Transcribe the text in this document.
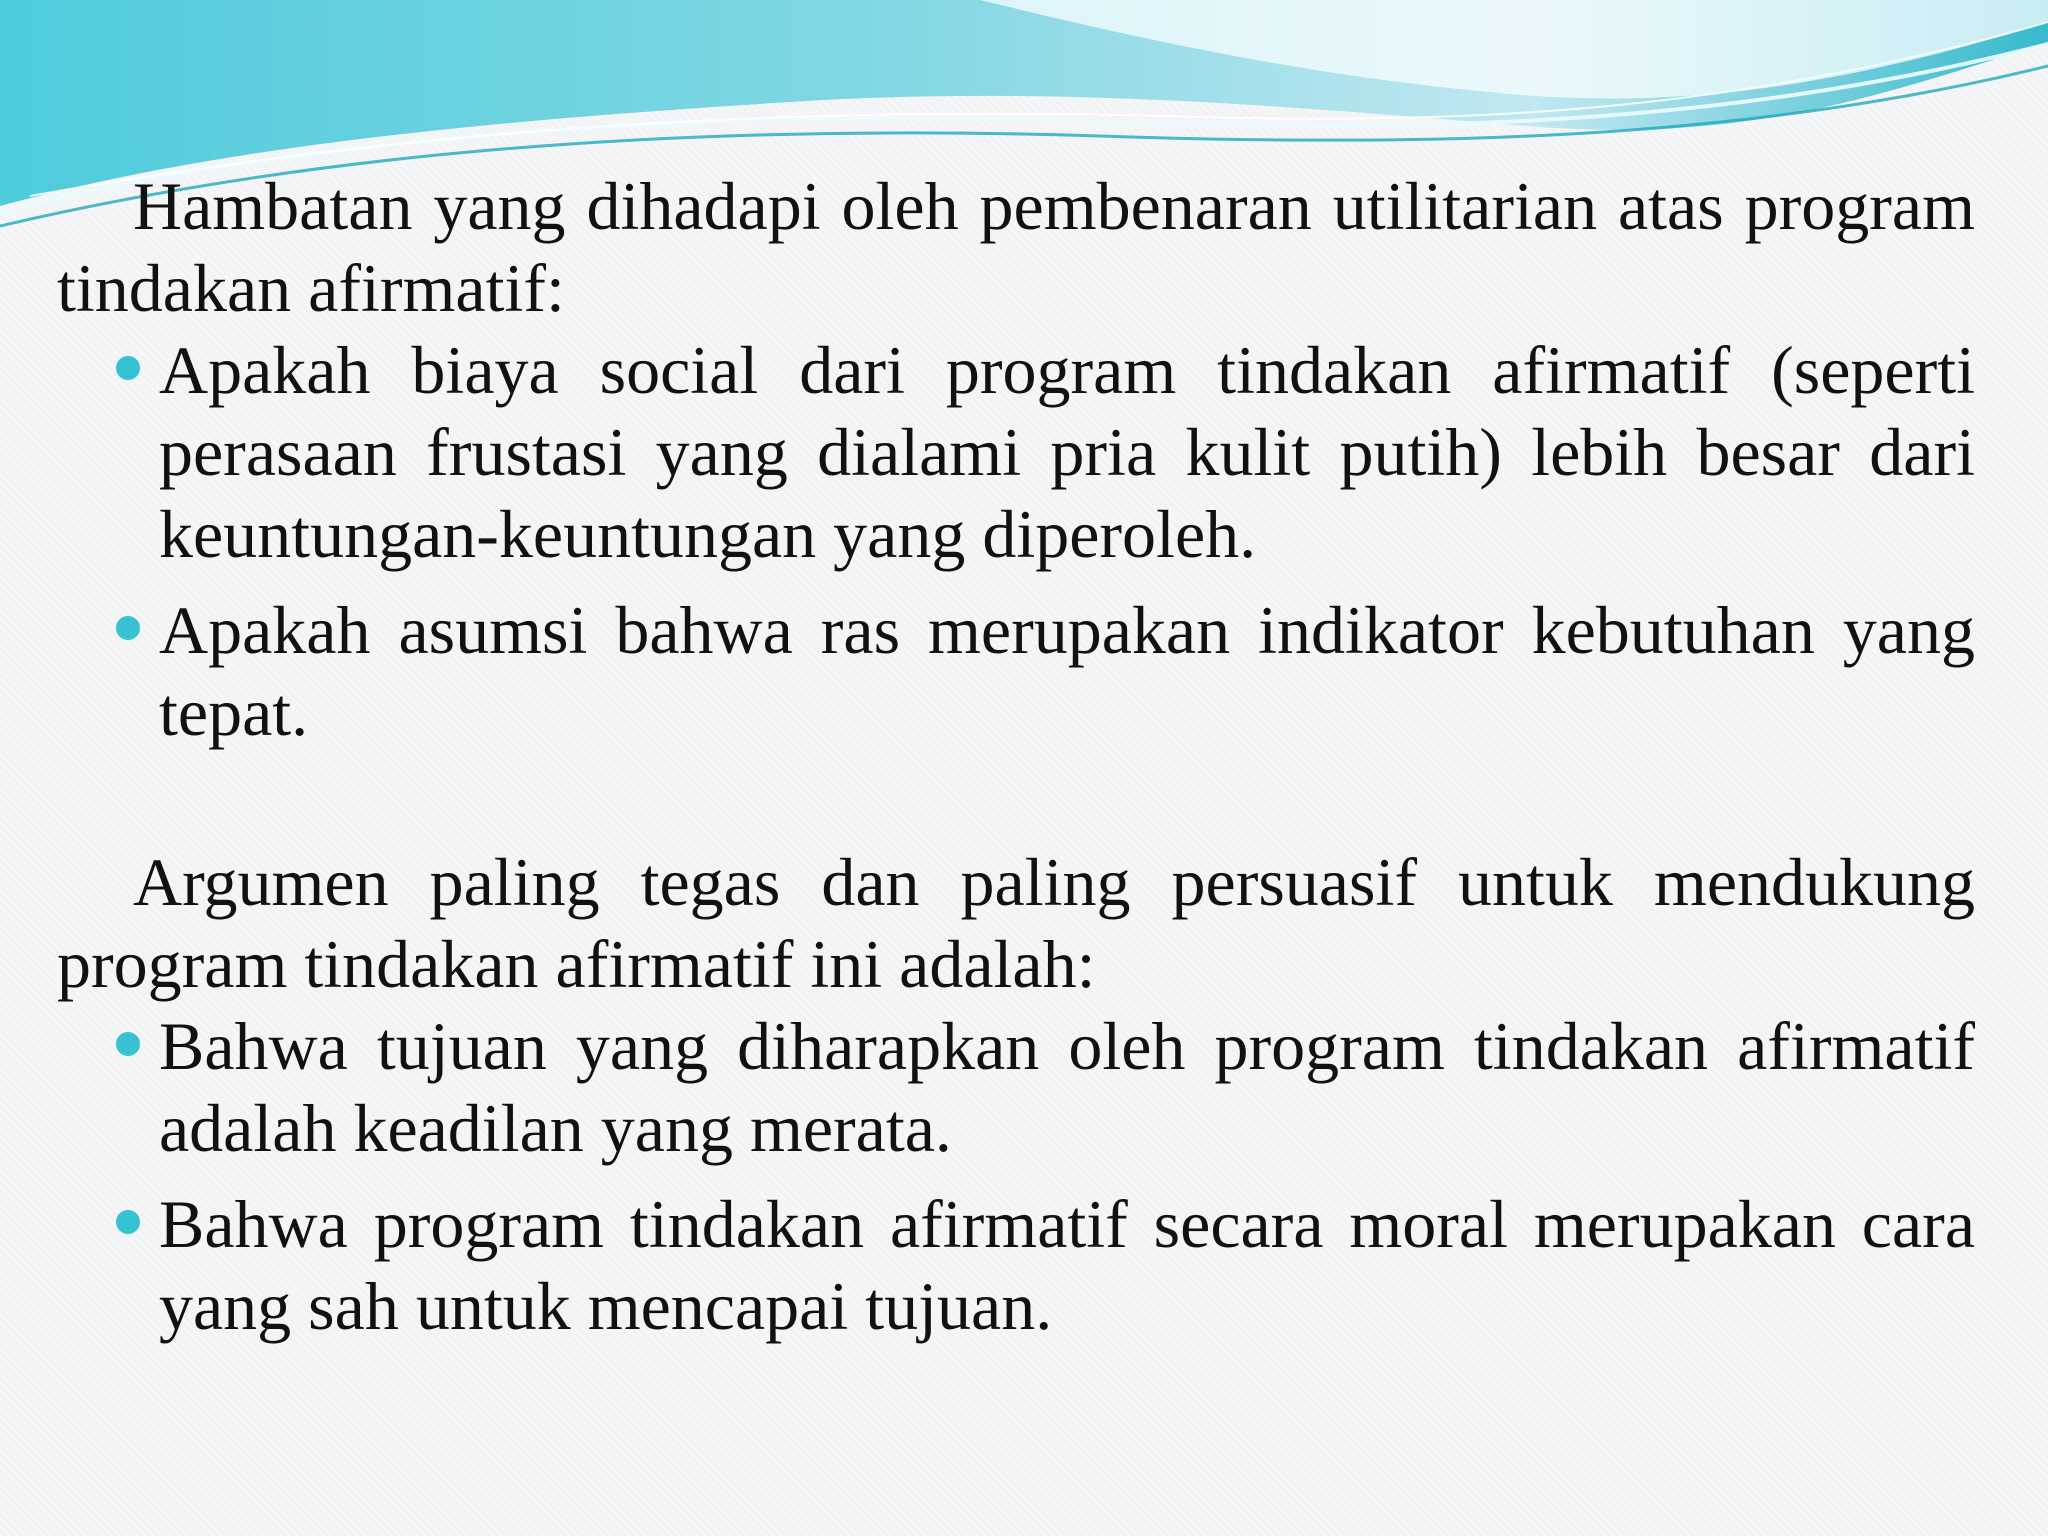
Hambatan yang dihadapi oleh pembenaran utilitarian atas program tindakan afirmatif:

Apakah biaya social dari program tindakan afirmatif (seperti perasaan frustasi yang dialami pria kulit putih) lebih besar dari keuntungan-keuntungan yang diperoleh.
Apakah asumsi bahwa ras merupakan indikator kebutuhan yang tepat.

Argumen paling tegas dan paling persuasif untuk mendukung program tindakan afirmatif ini adalah:

Bahwa tujuan yang diharapkan oleh program tindakan afirmatif adalah keadilan yang merata.
Bahwa program tindakan afirmatif secara moral merupakan cara yang sah untuk mencapai tujuan.
